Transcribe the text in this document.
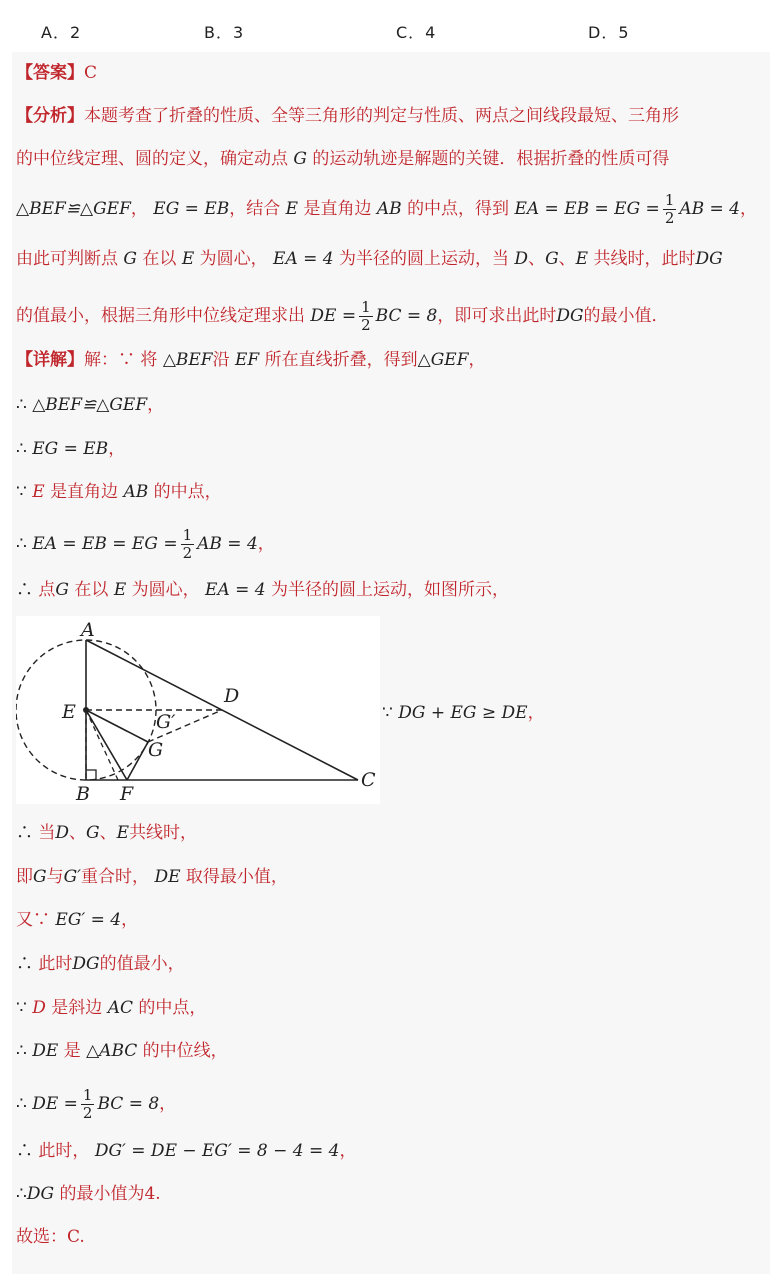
A．2	B．3	C．4	D．5
【答案】C
【分析】本题考查了折叠的性质、全等三角形的判定与性质、两点之间线段最短、三角形
的中位线定理、圆的定义，确定动点 G 的运动轨迹是解题的关键．根据折叠的性质可得
△BEF≌△GEF， EG = EB，结合 E 是直角边 AB 的中点，得到 EA = EB = EG = $\frac{1}{2}$ AB = 4，
由此可判断点 G 在以 E 为圆心， EA = 4 为半径的圆上运动，当 D、G、E 共线时，此时DG
的值最小，根据三角形中位线定理求出 DE = $\frac{1}{2}$ BC = 8，即可求出此时DG的最小值．
【详解】解：∵ 将 △BEF沿 EF 所在直线折叠，得到△GEF，
∴ △BEF≌△GEF，
∴ EG = EB，
∵ E 是直角边 AB 的中点，
∴ EA = EB = EG = $\frac{1}{2}$ AB = 4，
∴ 点G 在以 E 为圆心， EA = 4 为半径的圆上运动，如图所示，
A
E
B F
G′
G
D
C
∵ DG + EG ≥ DE，
∴ 当D、G、E共线时，
即G与G′重合时， DE 取得最小值，
又∵ EG′ = 4，
∴ 此时DG的值最小，
∵ D 是斜边 AC 的中点，
∴ DE 是 △ABC 的中位线，
∴ DE = $\frac{1}{2}$ BC = 8，
∴ 此时， DG′ = DE − EG′ = 8 − 4 = 4，
∴DG 的最小值为4.
故选：C.
